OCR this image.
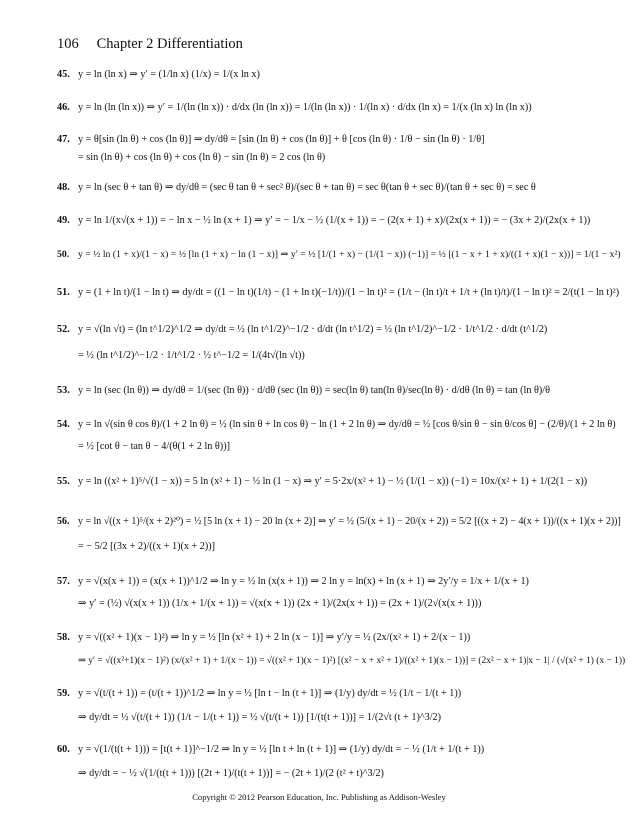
106 Chapter 2 Differentiation
45. y = ln (ln x) ⇒ y′ = (1/ln x) (1/x) = 1/(x ln x)
46. y = ln (ln (ln x)) ⇒ y′ = 1/(ln (ln x)) · d/dx (ln (ln x)) = 1/(ln (ln x)) · 1/(ln x) · d/dx (ln x) = 1/(x (ln x) ln (ln x))
47. y = θ[sin (ln θ) + cos (ln θ)] ⇒ dy/dθ = [sin (ln θ) + cos (ln θ)] + θ [cos (ln θ) · 1/θ − sin (ln θ) · 1/θ]
= sin (ln θ) + cos (ln θ) + cos (ln θ) − sin (ln θ) = 2 cos (ln θ)
48. y = ln (sec θ + tan θ) ⇒ dy/dθ = (sec θ tan θ + sec² θ)/(sec θ + tan θ) = sec θ(tan θ + sec θ)/(tan θ + sec θ) = sec θ
49. y = ln 1/(x√(x + 1)) = − ln x − ½ ln (x + 1) ⇒ y′ = − 1/x − ½ (1/(x + 1)) = − (2(x + 1) + x)/(2x(x + 1)) = − (3x + 2)/(2x(x + 1))
50. y = ½ ln (1 + x)/(1 − x) = ½ [ln (1 + x) − ln (1 − x)] ⇒ y′ = ½ [1/(1 + x) − (1/(1 − x)) (−1)] = ½ [(1 − x + 1 + x)/((1 + x)(1 − x))] = 1/(1 − x²)
51. y = (1 + ln t)/(1 − ln t) ⇒ dy/dt = ((1 − ln t)(1/t) − (1 + ln t)(−1/t))/(1 − ln t)² = (1/t − (ln t)/t + 1/t + (ln t)/t)/(1 − ln t)² = 2/(t(1 − ln t)²)
52. y = √(ln √t) = (ln t^1/2)^1/2 ⇒ dy/dt = ½ (ln t^1/2)^−1/2 · d/dt (ln t^1/2) = ½ (ln t^1/2)^−1/2 · 1/t^1/2 · d/dt (t^1/2)
= ½ (ln t^1/2)^−1/2 · 1/t^1/2 · ½ t^−1/2 = 1/(4t√(ln √t))
53. y = ln (sec (ln θ)) ⇒ dy/dθ = 1/(sec (ln θ)) · d/dθ (sec (ln θ)) = sec(ln θ) tan(ln θ)/sec(ln θ) · d/dθ (ln θ) = tan (ln θ)/θ
54. y = ln √(sin θ cos θ)/(1 + 2 ln θ) = ½ (ln sin θ + ln cos θ) − ln (1 + 2 ln θ) ⇒ dy/dθ = ½ [cos θ/sin θ − sin θ/cos θ] − (2/θ)/(1 + 2 ln θ)
= ½ [cot θ − tan θ − 4/(θ(1 + 2 ln θ))]
55. y = ln ((x² + 1)⁵/√(1 − x)) = 5 ln (x² + 1) − ½ ln (1 − x) ⇒ y′ = 5·2x/(x² + 1) − ½ (1/(1 − x)) (−1) = 10x/(x² + 1) + 1/(2(1 − x))
56. y = ln √((x + 1)⁵/(x + 2)²⁰) = ½ [5 ln (x + 1) − 20 ln (x + 2)] ⇒ y′ = ½ (5/(x + 1) − 20/(x + 2)) = 5/2 [((x + 2) − 4(x + 1))/((x + 1)(x + 2))]
= − 5/2 [(3x + 2)/((x + 1)(x + 2))]
57. y = √(x(x + 1)) = (x(x + 1))^1/2 ⇒ ln y = ½ ln (x(x + 1)) ⇒ 2 ln y = ln(x) + ln (x + 1) ⇒ 2y′/y = 1/x + 1/(x + 1)
⇒ y′ = (½) √(x(x + 1)) (1/x + 1/(x + 1)) = √(x(x + 1)) (2x + 1)/(2x(x + 1)) = (2x + 1)/(2√(x(x + 1)))
58. y = √((x² + 1)(x − 1)²) ⇒ ln y = ½ [ln (x² + 1) + 2 ln (x − 1)] ⇒ y′/y = ½ (2x/(x² + 1) + 2/(x − 1))
⇒ y′ = √((x²+1)(x − 1)²) (x/(x² + 1) + 1/(x − 1)) = √((x² + 1)(x − 1)²) [(x² − x + x² + 1)/((x² + 1)(x − 1))] = (2x² − x + 1)|x − 1| / (√(x² + 1) (x − 1))
59. y = √(t/(t + 1)) = (t/(t + 1))^1/2 ⇒ ln y = ½ [ln t − ln (t + 1)] ⇒ (1/y) dy/dt = ½ (1/t − 1/(t + 1))
⇒ dy/dt = ½ √(t/(t + 1)) (1/t − 1/(t + 1)) = ½ √(t/(t + 1)) [1/(t(t + 1))] = 1/(2√t (t + 1)^3/2)
60. y = √(1/(t(t + 1))) = [t(t + 1)]^−1/2 ⇒ ln y = ½ [ln t + ln (t + 1)] ⇒ (1/y) dy/dt = − ½ (1/t + 1/(t + 1))
⇒ dy/dt = − ½ √(1/(t(t + 1))) [(2t + 1)/(t(t + 1))] = − (2t + 1)/(2 (t² + t)^3/2)
Copyright © 2012 Pearson Education, Inc. Publishing as Addison-Wesley
